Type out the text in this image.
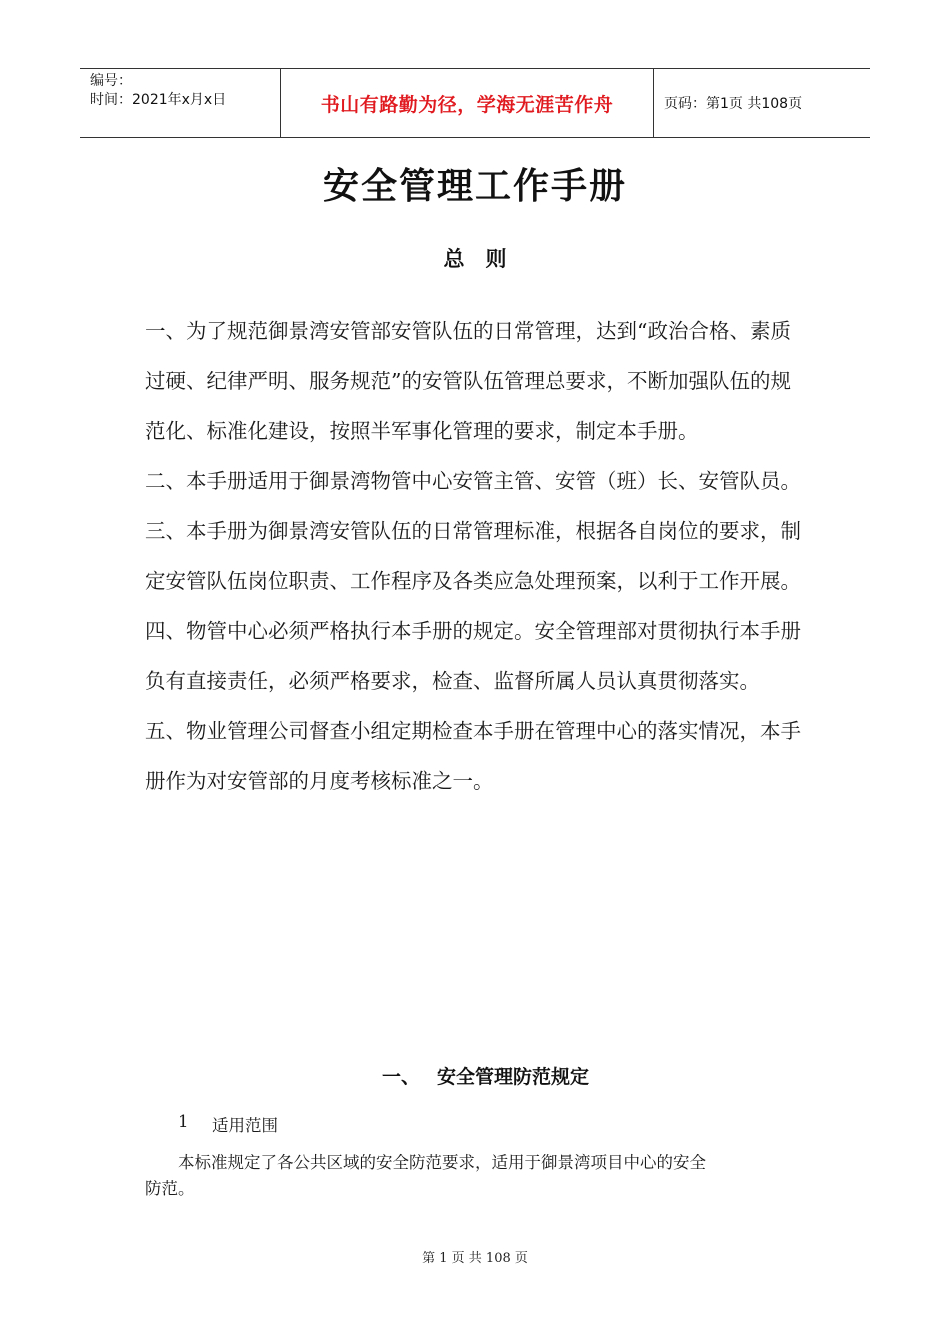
编号：
时间：2021年x月x日	书山有路勤为径，学海无涯苦作舟	页码：第1页 共108页
安全管理工作手册
总　则

一、为了规范御景湾安管部安管队伍的日常管理，达到“政治合格、素质过硬、纪律严明、服务规范”的安管队伍管理总要求，不断加强队伍的规范化、标准化建设，按照半军事化管理的要求，制定本手册。

二、本手册适用于御景湾物管中心安管主管、安管（班）长、安管队员。

三、本手册为御景湾安管队伍的日常管理标准，根据各自岗位的要求，制定安管队伍岗位职责、工作程序及各类应急处理预案，以利于工作开展。

四、物管中心必须严格执行本手册的规定。安全管理部对贯彻执行本手册负有直接责任，必须严格要求，检查、监督所属人员认真贯彻落实。

五、物业管理公司督查小组定期检查本手册在管理中心的落实情况，本手册作为对安管部的月度考核标准之一。

一、 安全管理防范规定
1	适用范围
本标准规定了各公共区域的安全防范要求，适用于御景湾项目中心的安全
防范。
第 1 页 共 108 页
